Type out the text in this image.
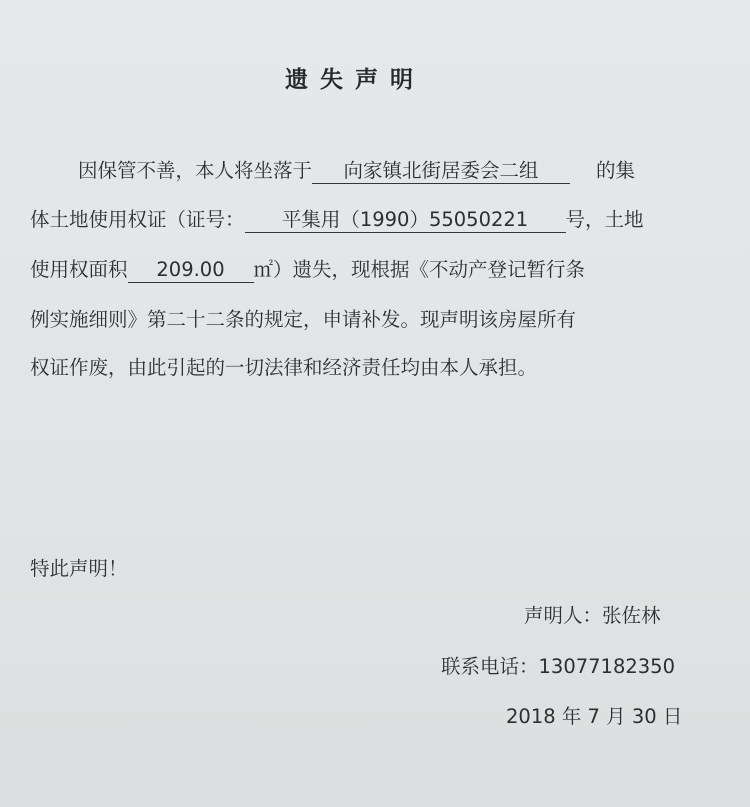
遗失声明
因保管不善，本人将坐落于 向家镇北街居委会二组	的集
体土地使用权证（证号： 平集用（1990）55050221 号，土地
使用权面积 209.00 ㎡）遗失，现根据《不动产登记暂行条
例实施细则》第二十二条的规定，申请补发。现声明该房屋所有
权证作废，由此引起的一切法律和经济责任均由本人承担。
特此声明！
声明人：张佐林
联系电话：13077182350
2018 年 7 月 30 日
